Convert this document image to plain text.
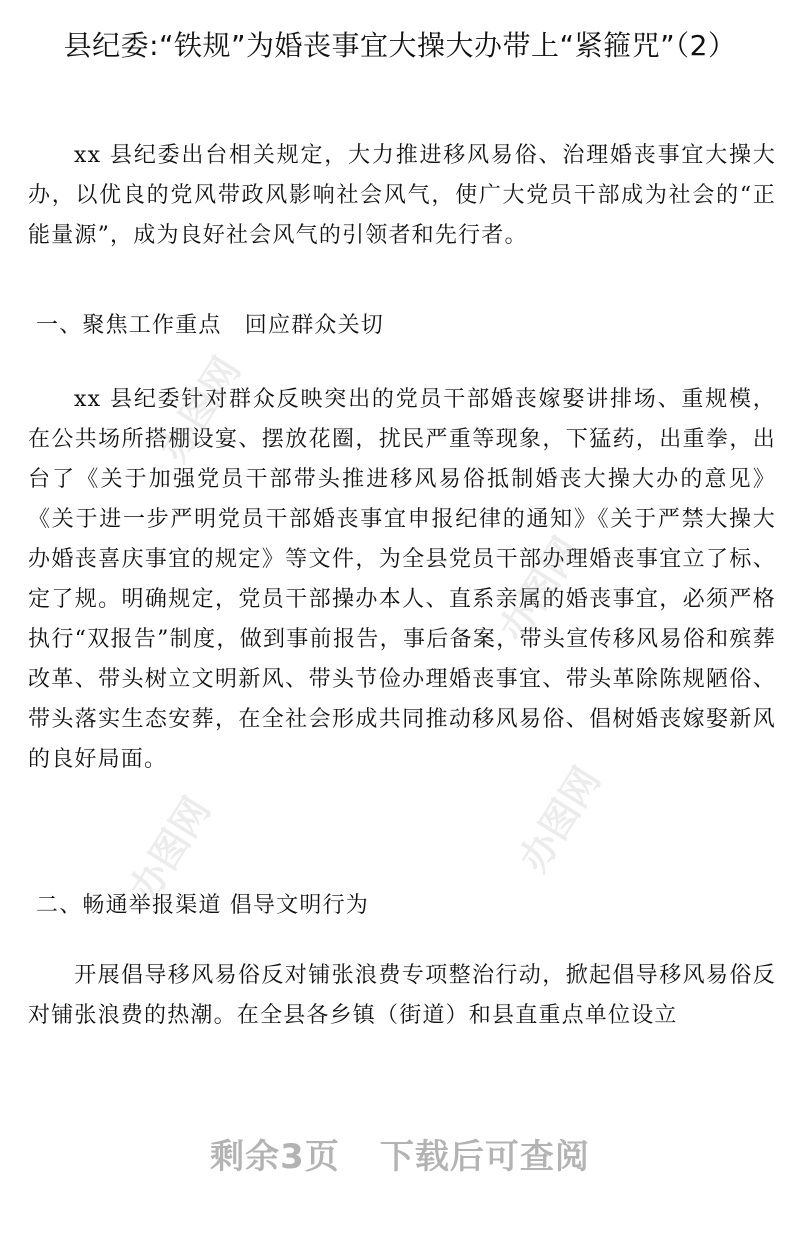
县纪委:“铁规”为婚丧事宜大操大办带上“紧箍咒”（2）
xx 县纪委出台相关规定，大力推进移风易俗、治理婚丧事宜大操大办，以优良的党风带政风影响社会风气，使广大党员干部成为社会的“正能量源”，成为良好社会风气的引领者和先行者。
一、聚焦工作重点　回应群众关切
xx 县纪委针对群众反映突出的党员干部婚丧嫁娶讲排场、重规模，在公共场所搭棚设宴、摆放花圈，扰民严重等现象，下猛药，出重拳，出台了《关于加强党员干部带头推进移风易俗抵制婚丧大操大办的意见》《关于进一步严明党员干部婚丧事宜申报纪律的通知》《关于严禁大操大办婚丧喜庆事宜的规定》等文件，为全县党员干部办理婚丧事宜立了标、定了规。明确规定，党员干部操办本人、直系亲属的婚丧事宜，必须严格执行“双报告”制度，做到事前报告，事后备案，带头宣传移风易俗和殡葬改革、带头树立文明新风、带头节俭办理婚丧事宜、带头革除陈规陋俗、带头落实生态安葬，在全社会形成共同推动移风易俗、倡树婚丧嫁娶新风的良好局面。
二、畅通举报渠道 倡导文明行为
开展倡导移风易俗反对铺张浪费专项整治行动，掀起倡导移风易俗反对铺张浪费的热潮。在全县各乡镇（街道）和县直重点单位设立
办图网
办图网
办图网
办图网
剩余3页 下载后可查阅
